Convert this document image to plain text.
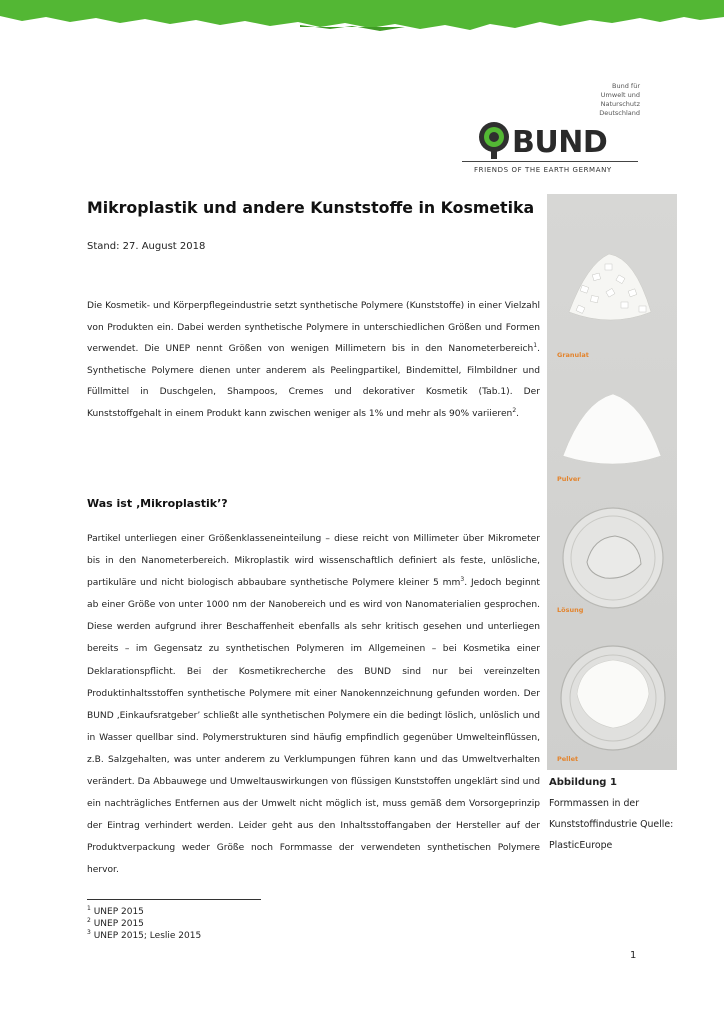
Bund für
Umwelt und
Naturschutz
Deutschland
BUND
FRIENDS OF THE EARTH GERMANY
Mikroplastik und andere Kunststoffe in Kosmetika
Stand: 27. August 2018

Die Kosmetik- und Körperpflegeindustrie setzt synthetische Polymere (Kunststoffe) in einer Vielzahl von Produkten ein. Dabei werden synthetische Polymere in unterschiedlichen Größen und Formen verwendet. Die UNEP nennt Größen von wenigen Millimetern bis in den Nanometerbereich$^1$. Synthetische Polymere dienen unter anderem als Peelingpartikel, Bindemittel, Filmbildner und Füllmittel in Duschgelen, Shampoos, Cremes und dekorativer Kosmetik (Tab.1). Der Kunststoffgehalt in einem Produkt kann zwischen weniger als 1% und mehr als 90% variieren$^2$.

Was ist ‚Mikroplastik’?

Partikel unterliegen einer Größenklasseneinteilung – diese reicht von Millimeter über Mikrometer bis in den Nanometerbereich. Mikroplastik wird wissenschaftlich definiert als feste, unlösliche, partikuläre und nicht biologisch abbaubare synthetische Polymere kleiner 5 $mm^3$. Jedoch beginnt ab einer Größe von unter 1000 nm der Nanobereich und es wird von Nanomaterialien gesprochen. Diese werden aufgrund ihrer Beschaffenheit ebenfalls als sehr kritisch gesehen und unterliegen bereits – im Gegensatz zu synthetischen Polymeren im Allgemeinen – bei Kosmetika einer Deklarationspflicht. Bei der Kosmetikrecherche des BUND sind nur bei vereinzelten Produktinhaltsstoffen synthetische Polymere mit einer Nanokennzeichnung gefunden worden. Der BUND ‚Einkaufsratgeber’ schließt alle synthetischen Polymere ein die bedingt löslich, unlöslich und in Wasser quellbar sind. Polymerstrukturen sind häufig empfindlich gegenüber Umwelteinflüssen, z.B. Salzgehalten, was unter anderem zu Verklumpungen führen kann und das Umweltverhalten verändert. Da Abbauwege und Umweltauswirkungen von flüssigen Kunststoffen ungeklärt sind und ein nachträgliches Entfernen aus der Umwelt nicht möglich ist, muss gemäß dem Vorsorgeprinzip der Eintrag verhindert werden. Leider geht aus den Inhaltsstoffangaben der Hersteller auf der Produktverpackung weder Größe noch Formmasse der verwendeten synthetischen Polymere hervor.

Granulat
Pulver
Lösung
Pellet
Abbildung 1
Formmassen in der Kunststoffindustrie Quelle: PlasticEurope
$^1$ UNEP 2015
$^2$ UNEP 2015
$^3$ UNEP 2015; Leslie 2015
1
